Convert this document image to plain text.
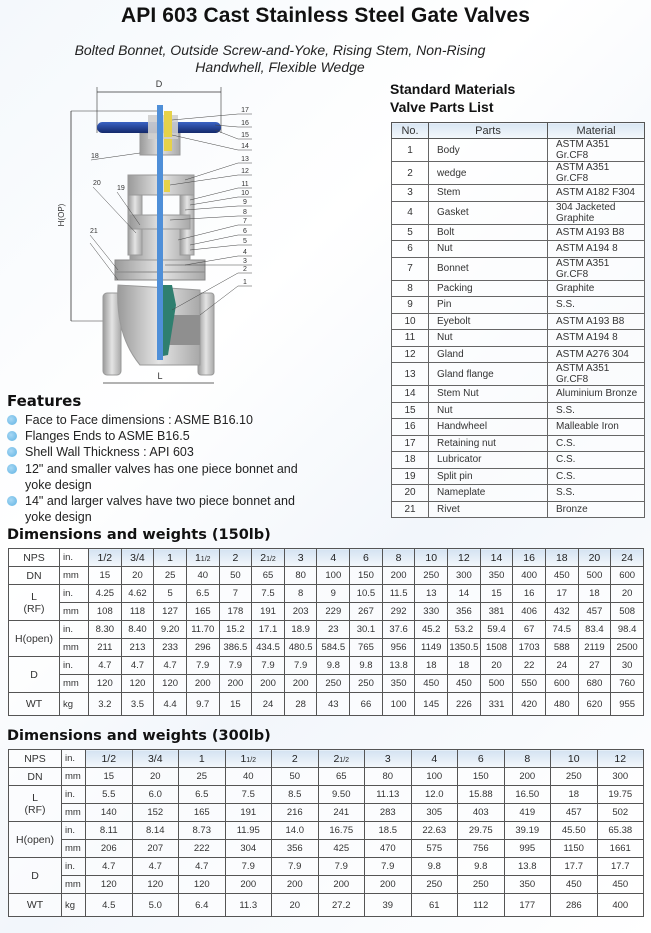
API 603 Cast Stainless Steel Gate Valves
Bolted Bonnet, Outside Screw-and-Yoke, Rising Stem, Non-Rising
Handwhell, Flexible Wedge
D
H(OP)
L
1
2
3
4
5
6
7
8
9
10
11
12
13
14
15
16
17
18
19
20
21
Standard Materials
Valve Parts List
No.	Parts	Material
1	Body	ASTM A351 Gr.CF8
2	wedge	ASTM A351 Gr.CF8
3	Stem	ASTM A182 F304
4	Gasket	304 Jacketed Graphite
5	Bolt	ASTM A193 B8
6	Nut	ASTM A194 8
7	Bonnet	ASTM A351 Gr.CF8
8	Packing	Graphite
9	Pin	S.S.
10	Eyebolt	ASTM A193 B8
11	Nut	ASTM A194 8
12	Gland	ASTM A276 304
13	Gland flange	ASTM A351 Gr.CF8
14	Stem Nut	Aluminium Bronze
15	Nut	S.S.
16	Handwheel	Malleable Iron
17	Retaining nut	C.S.
18	Lubricator	C.S.
19	Split pin	C.S.
20	Nameplate	S.S.
21	Rivet	Bronze
Features
Face to Face dimensions : ASME B16.10
Flanges Ends to ASME B16.5
Shell Wall Thickness : API 603
12" and smaller valves has one piece bonnet and yoke design
14" and larger valves have two piece bonnet and yoke design
Dimensions and weights (150lb)
NPS	in.	1/2	3/4	1	11/2	2	21/2	3	4	6	8	10	12	14	16	18	20	24
DN	mm	15	20	25	40	50	65	80	100	150	200	250	300	350	400	450	500	600
L
(RF)	in.	4.25	4.62	5	6.5	7	7.5	8	9	10.5	11.5	13	14	15	16	17	18	20
	mm	108	118	127	165	178	191	203	229	267	292	330	356	381	406	432	457	508
H(open)	in.	8.30	8.40	9.20	11.70	15.2	17.1	18.9	23	30.1	37.6	45.2	53.2	59.4	67	74.5	83.4	98.4
	mm	211	213	233	296	386.5	434.5	480.5	584.5	765	956	1149	1350.5	1508	1703	588	2119	2500
D	in.	4.7	4.7	4.7	7.9	7.9	7.9	7.9	9.8	9.8	13.8	18	18	20	22	24	27	30
	mm	120	120	120	200	200	200	200	250	250	350	450	450	500	550	600	680	760
WT	kg	3.2	3.5	4.4	9.7	15	24	28	43	66	100	145	226	331	420	480	620	955
Dimensions and weights (300lb)
NPS	in.	1/2	3/4	1	11/2	2	21/2	3	4	6	8	10	12
DN	mm	15	20	25	40	50	65	80	100	150	200	250	300
L
(RF)	in.	5.5	6.0	6.5	7.5	8.5	9.50	11.13	12.0	15.88	16.50	18	19.75
	mm	140	152	165	191	216	241	283	305	403	419	457	502
H(open)	in.	8.11	8.14	8.73	11.95	14.0	16.75	18.5	22.63	29.75	39.19	45.50	65.38
	mm	206	207	222	304	356	425	470	575	756	995	1150	1661
D	in.	4.7	4.7	4.7	7.9	7.9	7.9	7.9	9.8	9.8	13.8	17.7	17.7
	mm	120	120	120	200	200	200	200	250	250	350	450	450
WT	kg	4.5	5.0	6.4	11.3	20	27.2	39	61	112	177	286	400
